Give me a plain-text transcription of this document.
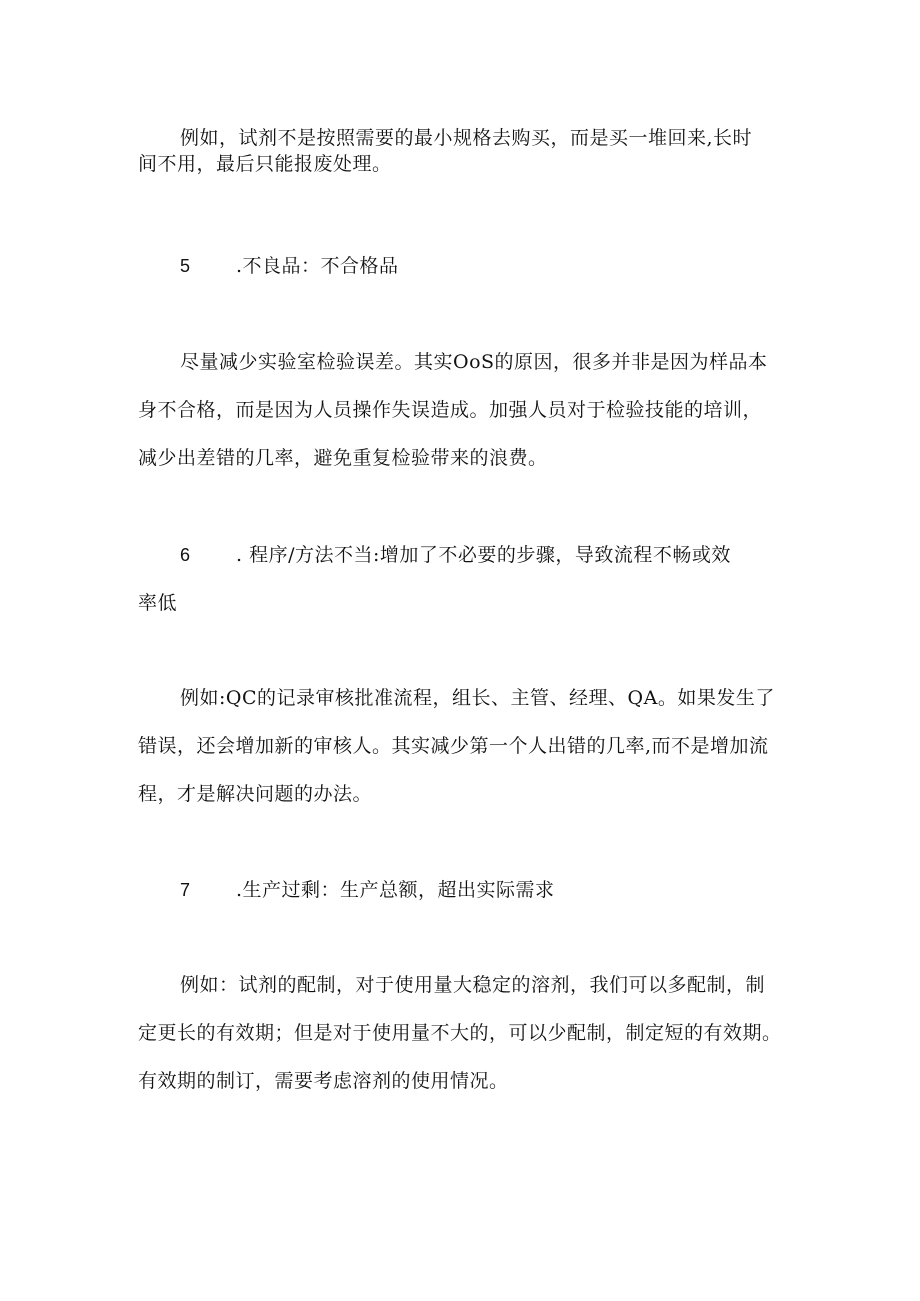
例如，试剂不是按照需要的最小规格去购买，而是买一堆回来,长时
间不用，最后只能报废处理。
5 .不良品：不合格品
尽量减少实验室检验误差。其实OoS的原因，很多并非是因为样品本
身不合格，而是因为人员操作失误造成。加强人员对于检验技能的培训，
减少出差错的几率，避免重复检验带来的浪费。
6 . 程序/方法不当:增加了不必要的步骤，导致流程不畅或效
率低
例如:QC的记录审核批准流程，组长、主管、经理、QA。如果发生了
错误，还会增加新的审核人。其实减少第一个人出错的几率,而不是增加流
程，才是解决问题的办法。
7 .生产过剩：生产总额，超出实际需求
例如：试剂的配制，对于使用量大稳定的溶剂，我们可以多配制，制
定更长的有效期；但是对于使用量不大的，可以少配制，制定短的有效期。
有效期的制订，需要考虑溶剂的使用情况。
